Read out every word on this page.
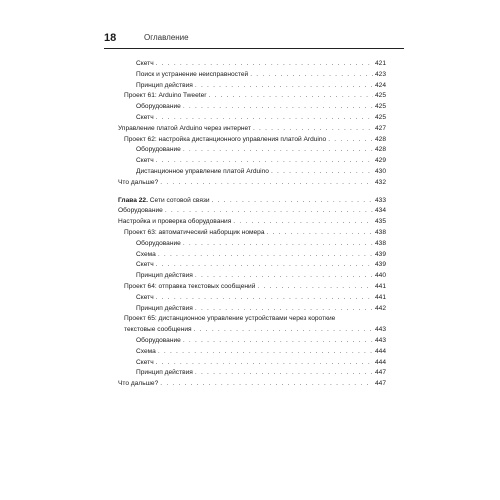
18	Оглавление
Скетч . . .	421
Поиск и устранение неисправностей . . .	423
Принцип действия . . .	424
Проект 61: Arduino Tweeter . . .	425
Оборудование . . .	425
Скетч . . .	425
Управление платой Arduino через интернет . . .	427
Проект 62: настройка дистанционного управления платой Arduino . . .	428
Оборудование . . .	428
Скетч . . .	429
Дистанционное управление платой Arduino . . .	430
Что дальше? . . .	432
Глава 22. Сети сотовой связи . . .	433
Оборудование . . .	434
Настройка и проверка оборудования . . .	435
Проект 63: автоматический наборщик номера . . .	438
Оборудование . . .	438
Схема . . .	439
Скетч . . .	439
Принцип действия . . .	440
Проект 64: отправка текстовых сообщений . . .	441
Скетч . . .	441
Принцип действия . . .	442
Проект 65: дистанционное управление устройствами через короткие
текстовые сообщения . . .	443
Оборудование . . .	443
Схема . . .	444
Скетч . . .	444
Принцип действия . . .	447
Что дальше? . . .	447
